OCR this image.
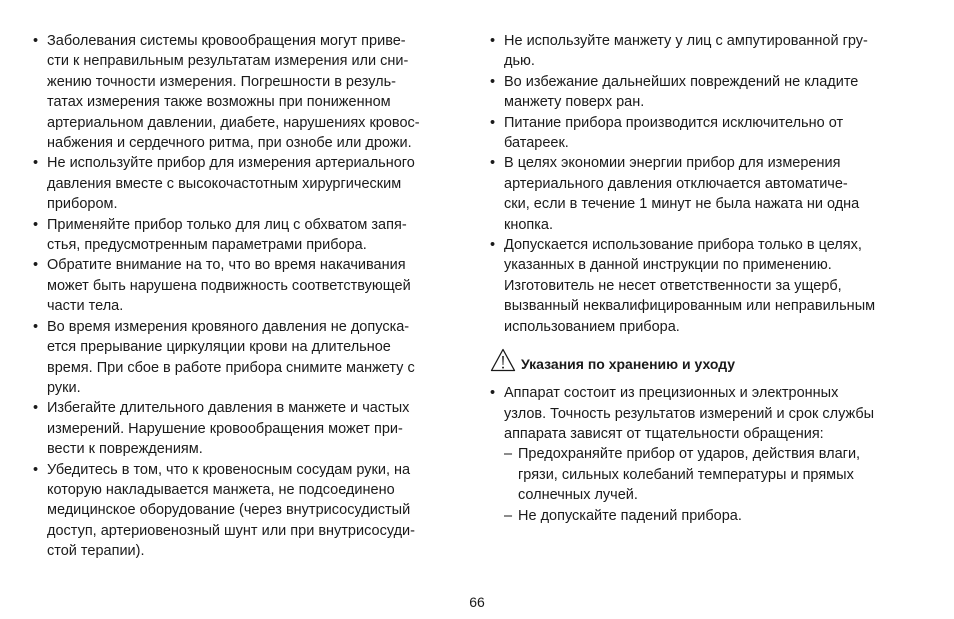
• Заболевания системы кровообращения могут приве-
сти к неправильным результатам измерения или сни-
жению точности измерения. Погрешности в резуль-
татах измерения также возможны при пониженном
артериальном давлении, диабете, нарушениях кровос-
набжения и сердечного ритма, при ознобе или дрожи.
• Не используйте прибор для измерения артериального
давления вместе с высокочастотным хирургическим
прибором.
• Применяйте прибор только для лиц с обхватом запя-
стья, предусмотренным параметрами прибора.
• Обратите внимание на то, что во время накачивания
может быть нарушена подвижность соответствующей
части тела.
• Во время измерения кровяного давления не допуска-
ется прерывание циркуляции крови на длительное
время. При сбое в работе прибора снимите манжету с
руки.
• Избегайте длительного давления в манжете и частых
измерений. Нарушение кровообращения может при-
вести к повреждениям.
• Убедитесь в том, что к кровеносным сосудам руки, на
которую накладывается манжета, не подсоединено
медицинское оборудование (через внутрисосудистый
доступ, артериовенозный шунт или при внутрисосуди-
стой терапии).
• Не используйте манжету у лиц с ампутированной гру-
дью.
• Во избежание дальнейших повреждений не кладите
манжету поверх ран.
• Питание прибора производится исключительно от
батареек.
• В целях экономии энергии прибор для измерения
артериального давления отключается автоматиче-
ски, если в течение 1 минут не была нажата ни одна
кнопка.
• Допускается использование прибора только в целях,
указанных в данной инструкции по применению.
Изготовитель не несет ответственности за ущерб,
вызванный неквалифицированным или неправильным
использованием прибора.
Указания по хранению и уходу
• Аппарат состоит из прецизионных и электронных
узлов. Точность результатов измерений и срок службы
аппарата зависят от тщательности обращения:
– Предохраняйте прибор от ударов, действия влаги,
грязи, сильных колебаний температуры и прямых
солнечных лучей.
– Не допускайте падений прибора.
66
